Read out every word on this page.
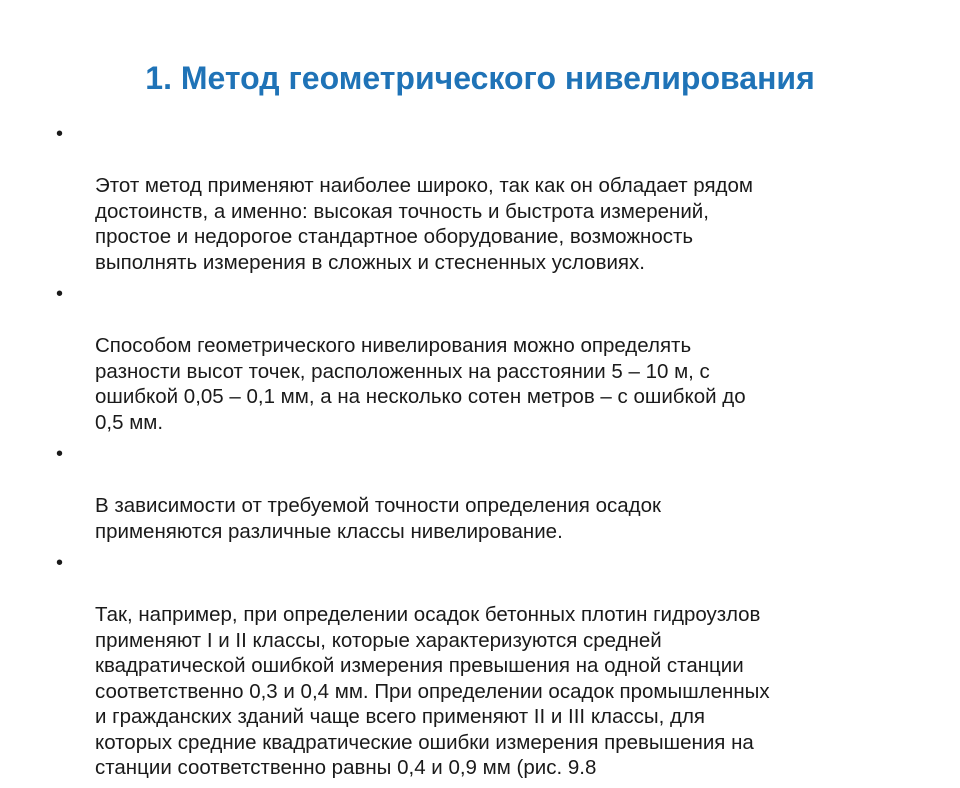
1. Метод геометрического нивелирования

•

Этот метод применяют наиболее широко, так как он обладает рядом
достоинств, а именно: высокая точность и быстрота измерений,
простое и недорогое стандартное оборудование, возможность
выполнять измерения в сложных и стесненных условиях.

•

Способом геометрического нивелирования можно определять
разности высот точек, расположенных на расстоянии 5 – 10 м, с
ошибкой 0,05 – 0,1 мм, а на несколько сотен метров – с ошибкой до
0,5 мм.

•

В зависимости от требуемой точности определения осадок
применяются различные классы нивелирование.

•

Так, например, при определении осадок бетонных плотин гидроузлов
применяют I и II классы, которые характеризуются средней
квадратической ошибкой измерения превышения на одной станции
соответственно 0,3 и 0,4 мм. При определении осадок промышленных
и гражданских зданий чаще всего применяют II и III классы, для
которых средние квадратические ошибки измерения превышения на
станции соответственно равны 0,4 и 0,9 мм (рис. 9.8
